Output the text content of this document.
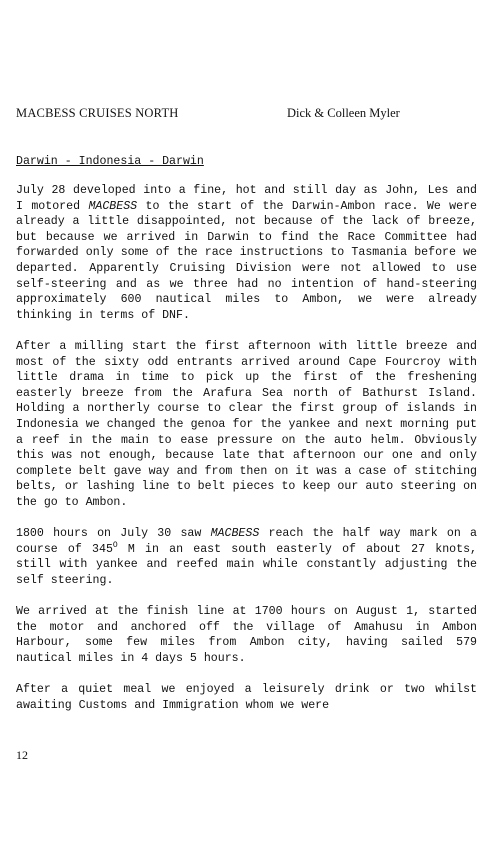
MACBESS CRUISES NORTH	Dick & Colleen Myler
Darwin - Indonesia - Darwin

July 28 developed into a fine, hot and still day as John, Les and I motored MACBESS to the start of the Darwin-Ambon race. We were already a little disappointed, not because of the lack of breeze, but because we arrived in Darwin to find the Race Committee had forwarded only some of the race instructions to Tasmania before we departed. Apparently Cruising Division were not allowed to use self-steering and as we three had no intention of hand-steering approximately 600 nautical miles to Ambon, we were already thinking in terms of DNF.

After a milling start the first afternoon with little breeze and most of the sixty odd entrants arrived around Cape Fourcroy with little drama in time to pick up the first of the freshening easterly breeze from the Arafura Sea north of Bathurst Island. Holding a northerly course to clear the first group of islands in Indonesia we changed the genoa for the yankee and next morning put a reef in the main to ease pressure on the auto helm. Obviously this was not enough, because late that afternoon our one and only complete belt gave way and from then on it was a case of stitching belts, or lashing line to belt pieces to keep our auto steering on the go to Ambon.

1800 hours on July 30 saw MACBESS reach the half way mark on a course of $345^O$ M in an east south easterly of about 27 knots, still with yankee and reefed main while constantly adjusting the self steering.

We arrived at the finish line at 1700 hours on August 1, started the motor and anchored off the village of Amahusu in Ambon Harbour, some few miles from Ambon city, having sailed 579 nautical miles in 4 days 5 hours.

After a quiet meal we enjoyed a leisurely drink or two whilst awaiting Customs and Immigration whom we were

12
